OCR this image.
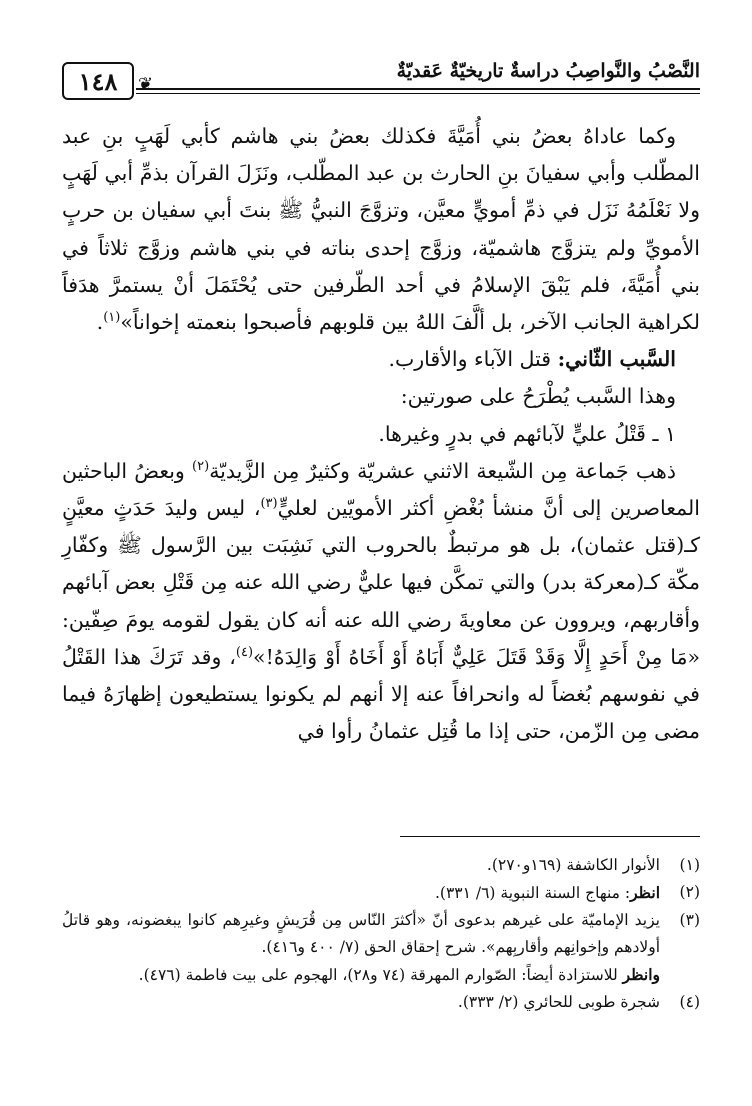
النَّصْبُ والنَّواصِبُ دراسةٌ تاريخيّةٌ عَقديّةٌ
❦
١٤٨

وكما عاداهُ بعضُ بني أُمَيَّةَ فكذلك بعضُ بني هاشم كأبي لَهَبٍ بنِ عبد المطّلب وأبي سفيانَ بنِ الحارث بن عبد المطّلب، ونَزَلَ القرآن بذمِّ أبي لَهَبٍ ولا نَعْلَمُهُ نَزَل في ذمِّ أمويٍّ معيَّن، وتزوَّجَ النبيُّ ﷺ بنتَ أبي سفيان بن حربٍ الأمويِّ ولم يتزوَّج هاشميّة، وزوَّج إحدى بناته في بني هاشم وزوَّج ثلاثاً في بني أُمَيَّةَ، فلم يَبْقَ الإسلامُ في أحد الطّرفين حتى يُحْتَمَلَ أنْ يستمرَّ هدَفاً لكراهية الجانب الآخر، بل ألَّفَ اللهُ بين قلوبهم فأصبحوا بنعمته إخواناً»$^{(١)}$.

السَّبب الثّاني: قتل الآباء والأقارب.

وهذا السَّبب يُطْرَحُ على صورتين:

١ ـ قَتْلُ عليٍّ لآبائهم في بدرٍ وغيرها.

ذهب جَماعة مِن الشّيعة الاثني عشريّة وكثيرٌ مِن الزَّيديّة$^{(٢)}$ وبعضُ الباحثين المعاصرين إلى أنَّ منشأ بُغْضِ أكثر الأمويّين لعليٍّ$^{(٣)}$، ليس وليدَ حَدَثٍ معيَّنٍ كـ(قتل عثمان)، بل هو مرتبطٌ بالحروب التي نَشِبَت بين الرَّسول ﷺ وكفّارِ مكّة كـ(معركة بدر) والتي تمكَّن فيها عليٌّ رضي الله عنه مِن قَتْلِ بعض آبائهم وأقاربهم، ويروون عن معاويةَ رضي الله عنه أنه كان يقول لقومه يومَ صِفّين: «مَا مِنْ أَحَدٍ إِلَّا وَقَدْ قَتَلَ عَلِيٌّ أَبَاهُ أَوْ أَخَاهُ أَوْ وَالِدَهُ!»$^{(٤)}$، وقد تَرَكَ هذا القَتْلُ في نفوسهم بُغضاً له وانحرافاً عنه إلا أنهم لم يكونوا يستطيعون إظهارَهُ فيما مضى مِن الزّمن، حتى إذا ما قُتِل عثمانُ رأوا في

(١)
الأنوار الكاشفة (١٦٩و٢٧٠).
(٢)
انظر: منهاج السنة النبوية (٦/ ٣٣١).
(٣)
يزيد الإماميّة على غيرهم بدعوى أنّ «أكثرَ النّاس مِن قُرَيشٍ وغيرِهم كانوا يبغضونه، وهو قاتلُ أولادهم وإخوانِهم وأقاربِهم». شرح إحقاق الحق (٧/ ٤٠٠ و٤١٦).

وانظر للاستزادة أيضاً: الصّوارم المهرقة (٧٤ و٢٨)، الهجوم على بيت فاطمة (٤٧٦).

(٤)
شجرة طوبى للحائري (٢/ ٣٣٣).
